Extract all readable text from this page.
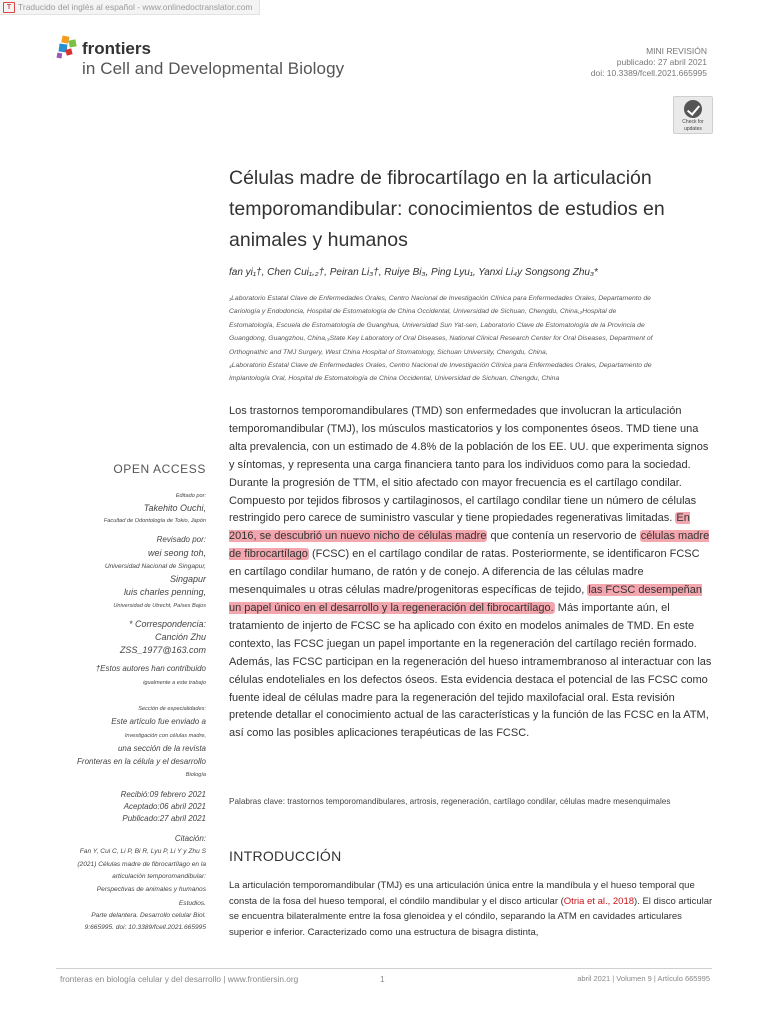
T Traducido del inglés al español - www.onlinedoctranslator.com
frontiers
in Cell and Developmental Biology
MINI REVISIÓN
publicado: 27 abril 2021
doi: 10.3389/fcell.2021.665995
Check for
updates
Células madre de fibrocartílago en la articulación temporomandibular: conocimientos de estudios en animales y humanos
fan yi₁†, Chen Cui₁,₂†, Peiran Li₃†, Ruiye Bi₃, Ping Lyu₁, Yanxi Li₄y Songsong Zhu₃*
₁Laboratorio Estatal Clave de Enfermedades Orales, Centro Nacional de Investigación Clínica para Enfermedades Orales, Departamento de
Cariología y Endodoncia, Hospital de Estomatología de China Occidental, Universidad de Sichuan, Chengdu, China,₂Hospital de
Estomatología, Escuela de Estomatología de Guanghua, Universidad Sun Yat-sen, Laboratorio Clave de Estomatología de la Provincia de
Guangdong, Guangzhou, China,₃State Key Laboratory of Oral Diseases, National Clinical Research Center for Oral Diseases, Department of
Orthognathic and TMJ Surgery, West China Hospital of Stomatology, Sichuan University, Chengdu, China,
₄Laboratorio Estatal Clave de Enfermedades Orales, Centro Nacional de Investigación Clínica para Enfermedades Orales, Departamento de
Implantología Oral, Hospital de Estomatología de China Occidental, Universidad de Sichuan, Chengdu, China
Los trastornos temporomandibulares (TMD) son enfermedades que involucran la articulación temporomandibular (TMJ), los músculos masticatorios y los componentes óseos. TMD tiene una alta prevalencia, con un estimado de 4.8% de la población de los EE. UU. que experimenta signos y síntomas, y representa una carga financiera tanto para los individuos como para la sociedad. Durante la progresión de TTM, el sitio afectado con mayor frecuencia es el cartílago condilar. Compuesto por tejidos fibrosos y cartilaginosos, el cartílago condilar tiene un número de células restringido pero carece de suministro vascular y tiene propiedades regenerativas limitadas. En 2016, se descubrió un nuevo nicho de células madre que contenía un reservorio de células madre de fibrocartílago (FCSC) en el cartílago condilar de ratas. Posteriormente, se identificaron FCSC en cartílago condilar humano, de ratón y de conejo. A diferencia de las células madre mesenquimales u otras células madre/progenitoras específicas de tejido, las FCSC desempeñan un papel único en el desarrollo y la regeneración del fibrocartílago. Más importante aún, el tratamiento de injerto de FCSC se ha aplicado con éxito en modelos animales de TMD. En este contexto, las FCSC juegan un papel importante en la regeneración del cartílago recién formado. Además, las FCSC participan en la regeneración del hueso intramembranoso al interactuar con las células endoteliales en los defectos óseos. Esta evidencia destaca el potencial de las FCSC como fuente ideal de células madre para la regeneración del tejido maxilofacial oral. Esta revisión pretende detallar el conocimiento actual de las características y la función de las FCSC en la ATM, así como las posibles aplicaciones terapéuticas de las FCSC.
Palabras clave: trastornos temporomandibulares, artrosis, regeneración, cartílago condilar, células madre mesenquimales
INTRODUCCIÓN
La articulación temporomandibular (TMJ) es una articulación única entre la mandíbula y el hueso temporal que consta de la fosa del hueso temporal, el cóndilo mandibular y el disco articular (Otria et al., 2018). El disco articular se encuentra bilateralmente entre la fosa glenoidea y el cóndilo, separando la ATM en cavidades articulares superior e inferior. Caracterizado como una estructura de bisagra distinta,
OPEN ACCESS
Editado por:
Takehito Ouchi,
Facultad de Odontología de Tokio, Japón
Revisado por:
wei seong toh,
Universidad Nacional de Singapur,
Singapur
luis charles penning,
Universidad de Utrecht, Países Bajos
* Correspondencia:
Canción Zhu
ZSS_1977@163.com
†Estos autores han contribuido
igualmente a este trabajo
Sección de especialidades:
Este artículo fue enviado a
Investigación con células madre,
una sección de la revista
Fronteras en la célula y el desarrollo
Biología
Recibió:09 febrero 2021
Aceptado:06 abril 2021
Publicado:27 abril 2021
Citación:
Fan Y, Cui C, Li P, Bi R, Lyu P, Li Y y Zhu S
(2021) Células madre de fibrocartílago en la
articulación temporomandibular:
Perspectivas de animales y humanos
Estudios.
Parte delantera. Desarrollo celular Biol.
9:665995. doi: 10.3389/fcell.2021.665995
fronteras en biología celular y del desarrollo | www.frontiersin.org	1	abril 2021 | Volumen 9 | Artículo 665995
